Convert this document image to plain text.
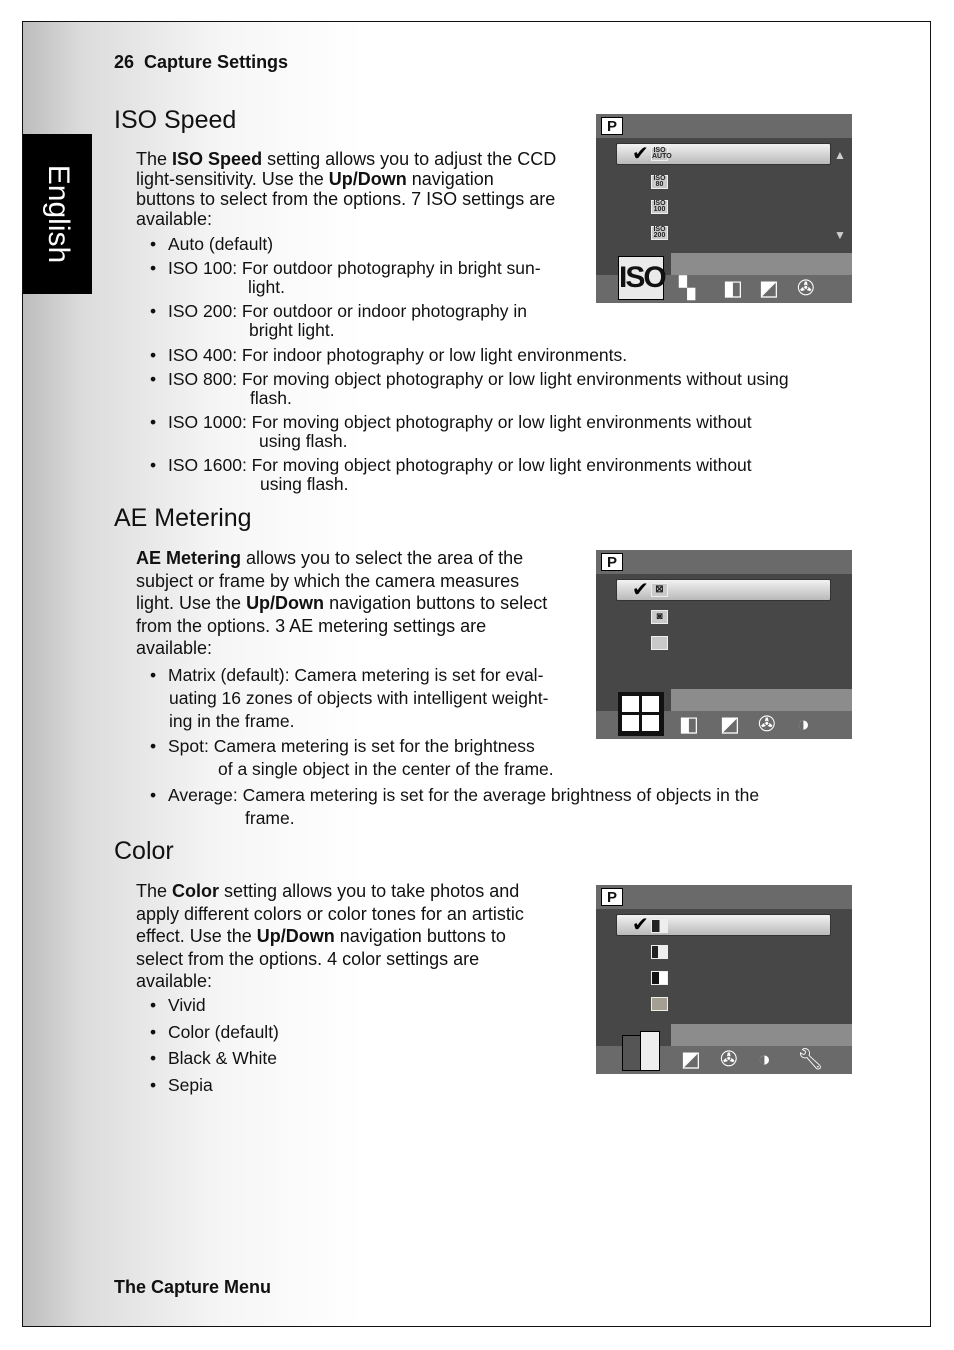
English
26 Capture Settings
ISO Speed
The ISO Speed setting allows you to adjust the CCD
light-sensitivity. Use the Up/Down navigation
buttons to select from the options. 7 ISO settings are
available:
• Auto (default)
• ISO 100: For outdoor photography in bright sun-
light.
• ISO 200: For outdoor or indoor photography in
bright light.
• ISO 400: For indoor photography or low light environments.
• ISO 800: For moving object photography or low light environments without using
flash.
• ISO 1000: For moving object photography or low light environments without
using flash.
• ISO 1600: For moving object photography or low light environments without
using flash.
P
✔	▲
▼
ISO AUTO
ISO 80
ISO 100
ISO 200
ISO ▚ ◧ ◩ ✇
AE Metering
AE Metering allows you to select the area of the
subject or frame by which the camera measures
light. Use the Up/Down navigation buttons to select
from the options. 3 AE metering settings are
available:
• Matrix (default): Camera metering is set for eval-
uating 16 zones of objects with intelligent weight-
ing in the frame.
• Spot: Camera metering is set for the brightness
of a single object in the center of the frame.
• Average: Camera metering is set for the average brightness of objects in the
frame.
P
✔ ⊠
◙
◧ ◩ ✇ ◑
Color
The Color setting allows you to take photos and
apply different colors or color tones for an artistic
effect. Use the Up/Down navigation buttons to
select from the options. 4 color settings are
available:
• Vivid
• Color (default)
• Black & White
• Sepia
P
✔
◩ ✇ ◑ 🔧︎
The Capture Menu
